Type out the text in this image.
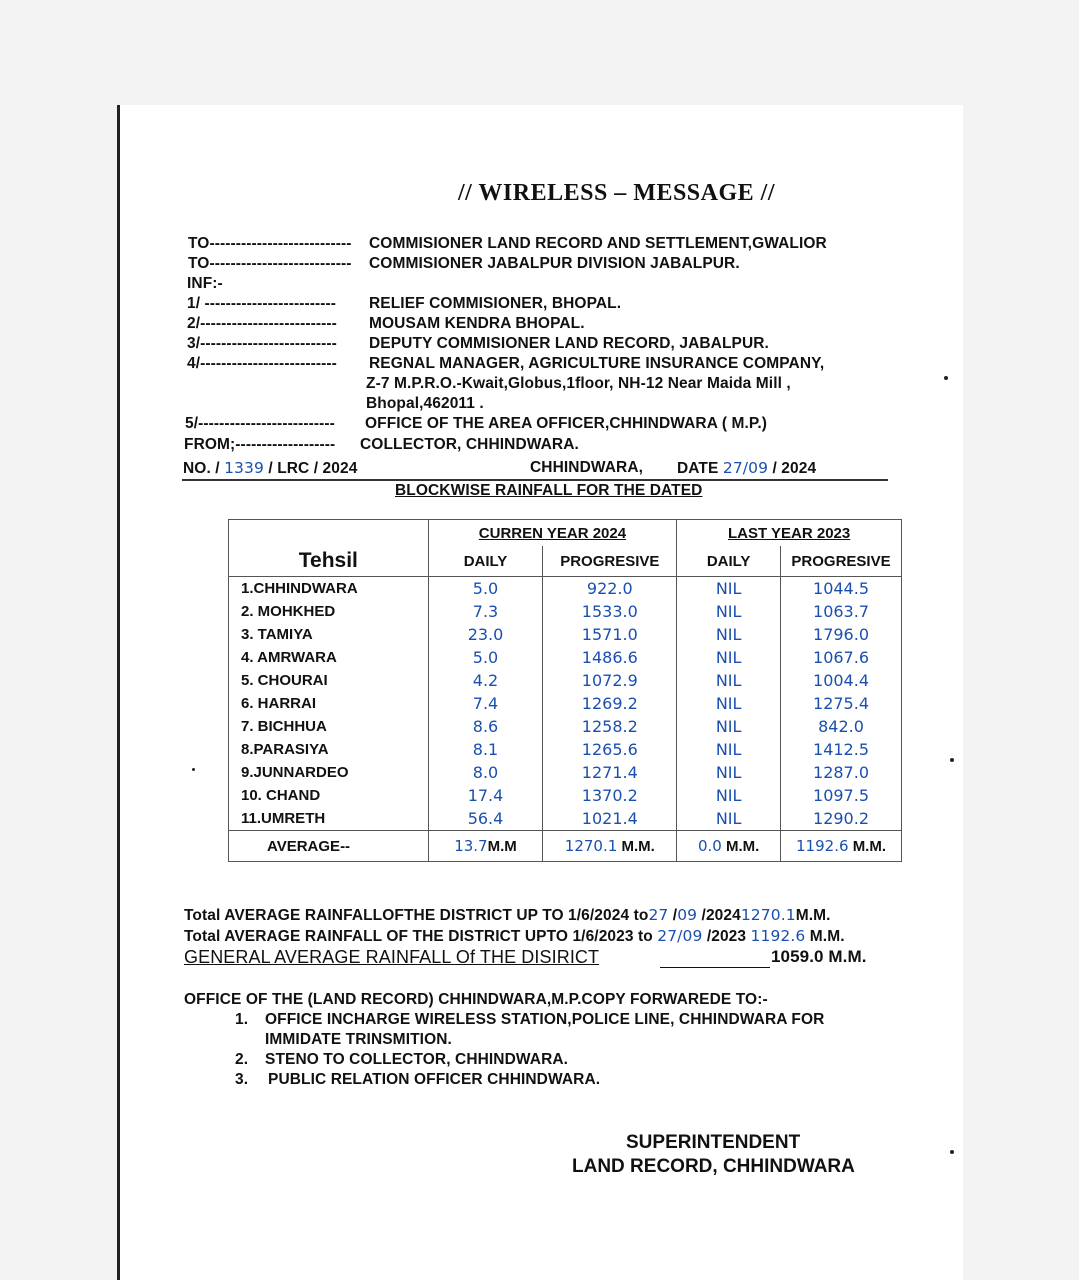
// WIRELESS – MESSAGE //
TO--------------------------- COMMISIONER LAND RECORD AND SETTLEMENT,GWALIOR
TO--------------------------- COMMISIONER JABALPUR DIVISION JABALPUR.
INF:-
1/ ------------------------- RELIEF COMMISIONER, BHOPAL.
2/-------------------------- MOUSAM KENDRA BHOPAL.
3/-------------------------- DEPUTY COMMISIONER LAND RECORD, JABALPUR.
4/-------------------------- REGNAL MANAGER, AGRICULTURE INSURANCE COMPANY,
Z-7 M.P.R.O.-Kwait,Globus,1floor, NH-12 Near Maida Mill ,
Bhopal,462011 .
5/-------------------------- OFFICE OF THE AREA OFFICER,CHHINDWARA ( M.P.)
FROM;------------------- COLLECTOR, CHHINDWARA.
NO. / 1339 / LRC / 2024	CHHINDWARA, DATE 27/09 / 2024
BLOCKWISE RAINFALL FOR THE DATED
	CURREN YEAR 2024		LAST YEAR 2023	
Tehsil	DAILY	PROGRESIVE	DAILY	PROGRESIVE
1.CHHINDWARA	5.0	922.0	NIL	1044.5
2. MOHKHED	7.3	1533.0	NIL	1063.7
3. TAMIYA	23.0	1571.0	NIL	1796.0
4. AMRWARA	5.0	1486.6	NIL	1067.6
5. CHOURAI	4.2	1072.9	NIL	1004.4
6. HARRAI	7.4	1269.2	NIL	1275.4
7. BICHHUA	8.6	1258.2	NIL	842.0
8.PARASIYA	8.1	1265.6	NIL	1412.5
9.JUNNARDEO	8.0	1271.4	NIL	1287.0
10. CHAND	17.4	1370.2	NIL	1097.5
11.UMRETH	56.4	1021.4	NIL	1290.2
AVERAGE--	13.7M.M	1270.1 M.M.	0.0 M.M.	1192.6 M.M.
Total AVERAGE RAINFALLOFTHE DISTRICT UP TO 1/6/2024 to27 /09 /20241270.1M.M.
Total AVERAGE RAINFALL OF THE DISTRICT UPTO 1/6/2023 to 27/09 /2023 1192.6 M.M.
GENERAL AVERAGE RAINFALL Of THE DISIRICT	1059.0 M.M.
OFFICE OF THE (LAND RECORD) CHHINDWARA,M.P.COPY FORWAREDE TO:-
1. OFFICE INCHARGE WIRELESS STATION,POLICE LINE, CHHINDWARA FOR
IMMIDATE TRINSMITION.
2. STENO TO COLLECTOR, CHHINDWARA.
3. PUBLIC RELATION OFFICER CHHINDWARA.
SUPERINTENDENT
LAND RECORD, CHHINDWARA
